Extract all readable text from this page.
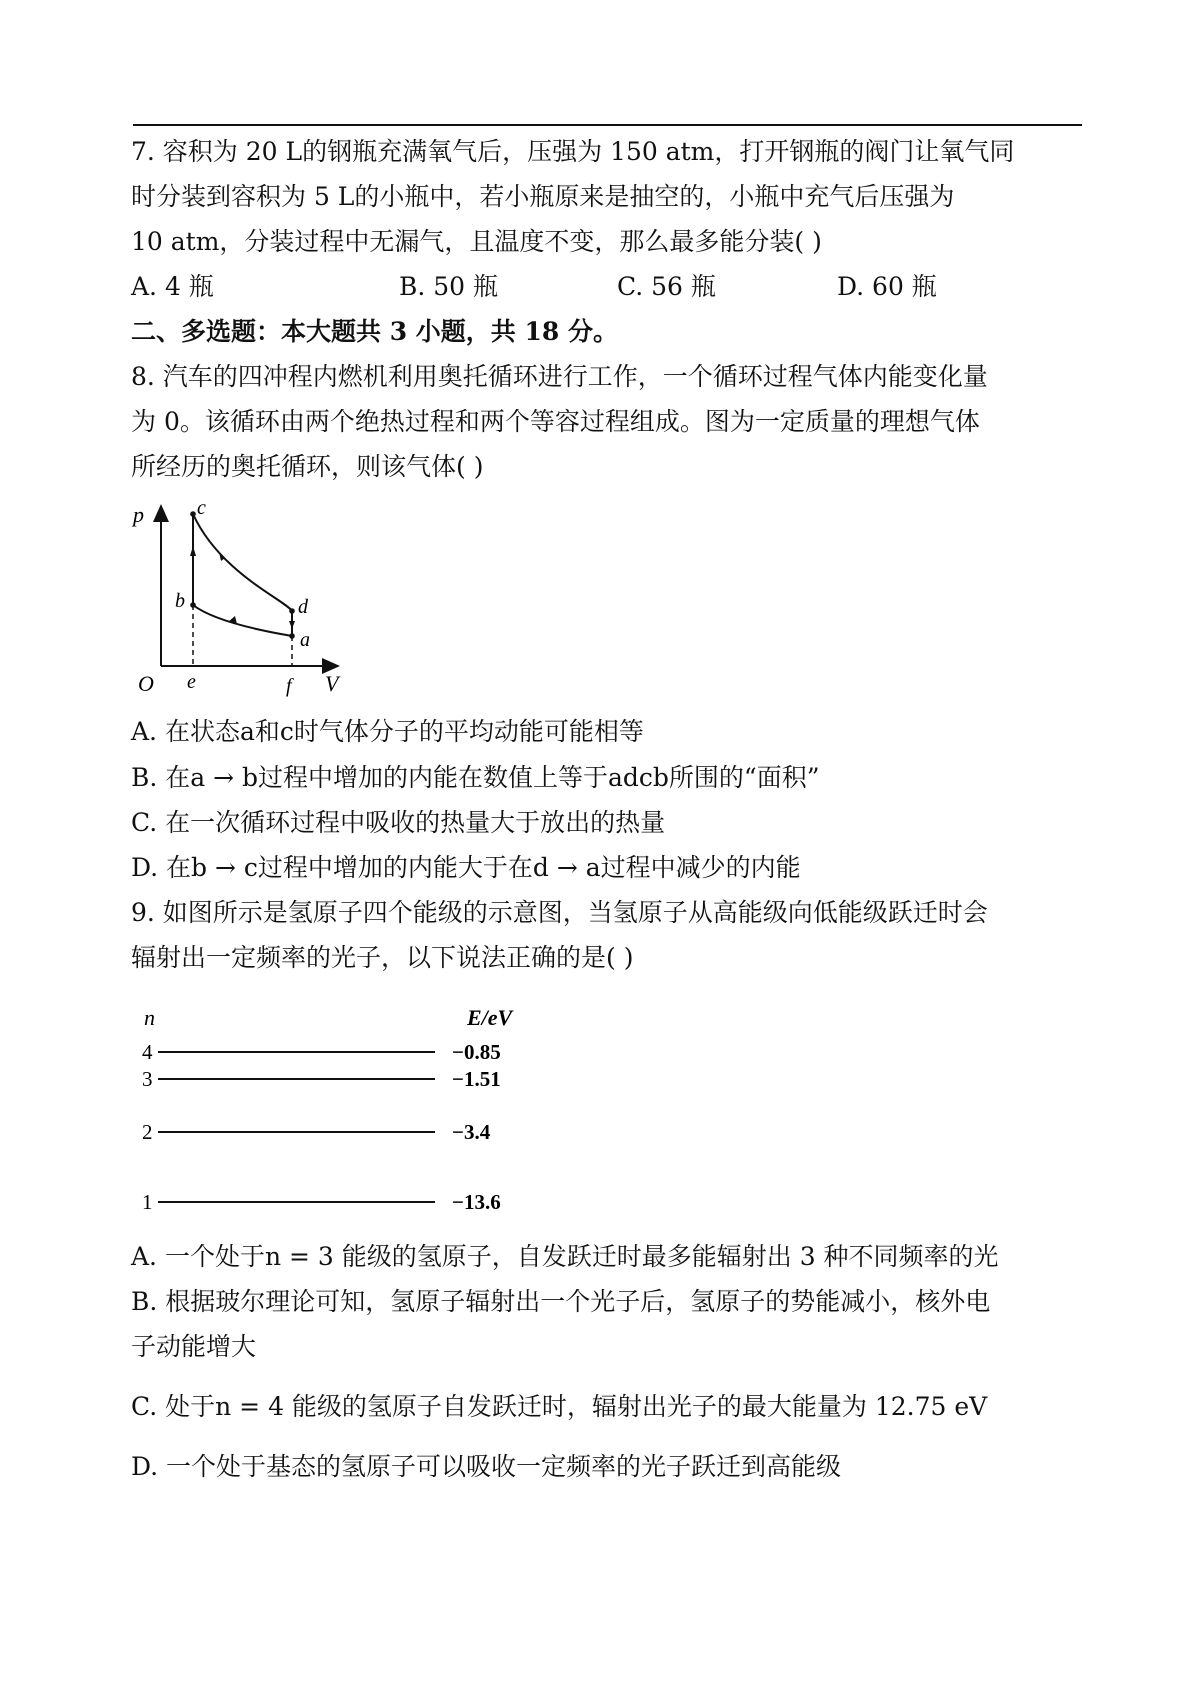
7. 容积为 20 L的钢瓶充满氧气后，压强为 150 atm，打开钢瓶的阀门让氧气同
时分装到容积为 5 L的小瓶中，若小瓶原来是抽空的，小瓶中充气后压强为
10 atm，分装过程中无漏气，且温度不变，那么最多能分装( )
A. 4 瓶	B. 50 瓶	C. 56 瓶	D. 60 瓶
二、多选题：本大题共 3 小题，共 18 分。
8. 汽车的四冲程内燃机利用奥托循环进行工作，一个循环过程气体内能变化量
为 0。该循环由两个绝热过程和两个等容过程组成。图为一定质量的理想气体
所经历的奥托循环，则该气体( )
p
V
O
c
b	d
a
e	f
A. 在状态a和c时气体分子的平均动能可能相等
B. 在a → b过程中增加的内能在数值上等于adcb所围的“面积”
C. 在一次循环过程中吸收的热量大于放出的热量
D. 在b → c过程中增加的内能大于在d → a过程中减少的内能
9. 如图所示是氢原子四个能级的示意图，当氢原子从高能级向低能级跃迁时会
辐射出一定频率的光子，以下说法正确的是( )
n	E/eV
4	−0.85
3	−1.51
2	−3.4
1	−13.6
A. 一个处于n = 3 能级的氢原子，自发跃迁时最多能辐射出 3 种不同频率的光
B. 根据玻尔理论可知，氢原子辐射出一个光子后，氢原子的势能减小，核外电
子动能增大
C. 处于n = 4 能级的氢原子自发跃迁时，辐射出光子的最大能量为 12.75 eV
D. 一个处于基态的氢原子可以吸收一定频率的光子跃迁到高能级
